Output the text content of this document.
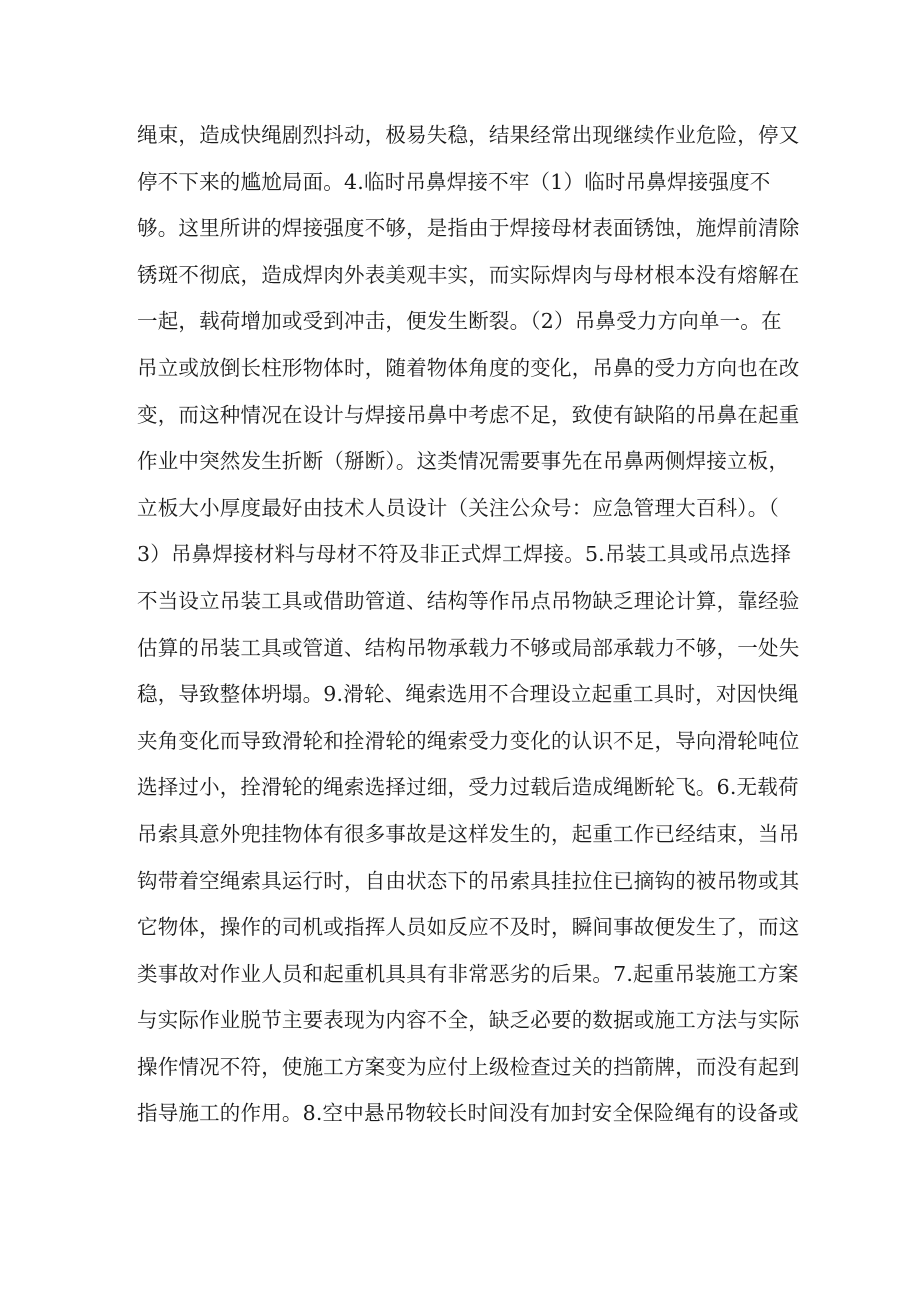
绳束，造成快绳剧烈抖动，极易失稳，结果经常出现继续作业危险，停又
停不下来的尴尬局面。4.临时吊鼻焊接不牢（1）临时吊鼻焊接强度不
够。这里所讲的焊接强度不够，是指由于焊接母材表面锈蚀，施焊前清除
锈斑不彻底，造成焊肉外表美观丰实，而实际焊肉与母材根本没有熔解在
一起，载荷增加或受到冲击，便发生断裂。（2）吊鼻受力方向单一。在
吊立或放倒长柱形物体时，随着物体角度的变化，吊鼻的受力方向也在改
变，而这种情况在设计与焊接吊鼻中考虑不足，致使有缺陷的吊鼻在起重
作业中突然发生折断（掰断）。这类情况需要事先在吊鼻两侧焊接立板，
立板大小厚度最好由技术人员设计（关注公众号：应急管理大百科）。（
3）吊鼻焊接材料与母材不符及非正式焊工焊接。5.吊装工具或吊点选择
不当设立吊装工具或借助管道、结构等作吊点吊物缺乏理论计算，靠经验
估算的吊装工具或管道、结构吊物承载力不够或局部承载力不够，一处失
稳，导致整体坍塌。9.滑轮、绳索选用不合理设立起重工具时，对因快绳
夹角变化而导致滑轮和拴滑轮的绳索受力变化的认识不足，导向滑轮吨位
选择过小，拴滑轮的绳索选择过细，受力过载后造成绳断轮飞。6.无载荷
吊索具意外兜挂物体有很多事故是这样发生的，起重工作已经结束，当吊
钩带着空绳索具运行时，自由状态下的吊索具挂拉住已摘钩的被吊物或其
它物体，操作的司机或指挥人员如反应不及时，瞬间事故便发生了，而这
类事故对作业人员和起重机具具有非常恶劣的后果。7.起重吊装施工方案
与实际作业脱节主要表现为内容不全，缺乏必要的数据或施工方法与实际
操作情况不符，使施工方案变为应付上级检查过关的挡箭牌，而没有起到
指导施工的作用。8.空中悬吊物较长时间没有加封安全保险绳有的设备或
